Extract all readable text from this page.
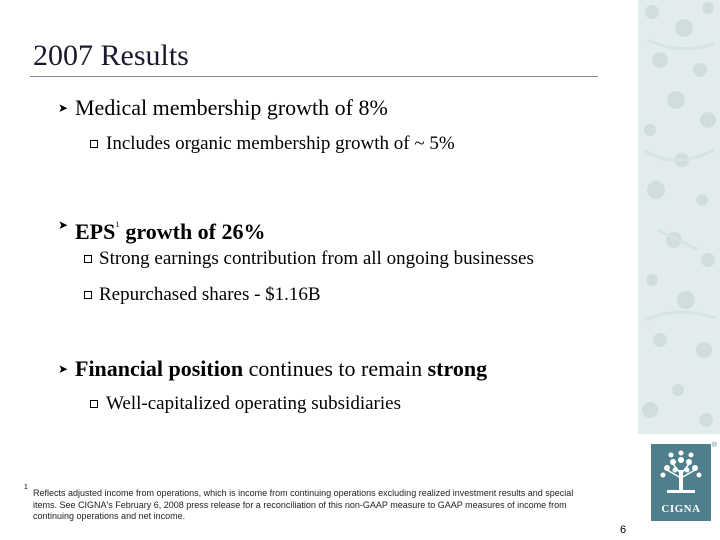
2007 Results
➤ Medical membership growth of 8%
Includes organic membership growth of ~ 5%
➤ EPS$^1$ growth of 26%
Strong earnings contribution from all ongoing businesses
Repurchased shares - $1.16B
➤ Financial position continues to remain strong
Well-capitalized operating subsidiaries
1
Reflects adjusted income from operations, which is income from continuing operations excluding realized investment results and special items. See CIGNA's February 6, 2008 press release for a reconciliation of this non-GAAP measure to GAAP measures of income from continuing operations and net income.
CIGNA
®
6
